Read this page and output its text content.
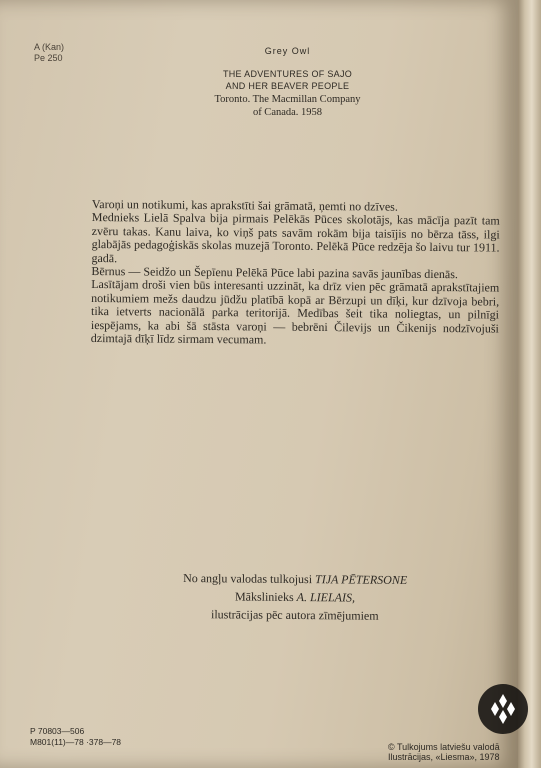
A (Kan)
Pe 250
Grey Owl
THE ADVENTURES OF SAJO
AND HER BEAVER PEOPLE
Toronto. The Macmillan Company
of Canada. 1958

Varoņi un notikumi, kas aprakstīti šai grāmatā, ņemti no dzīves.

Mednieks Lielā Spalva bija pirmais Pelēkās Pūces skolotājs, kas mācīja pazīt tam zvēru takas. Kanu laiva, ko viņš pats savām rokām bija taisījis no bērza tāss, ilgi glabājās pedagoģiskās skolas muzejā Toronto. Pelēkā Pūce redzēja šo laivu tur 1911. gadā.

Bērnus — Seidžo un Šepīenu Pelēkā Pūce labi pazina savās jaunības dienās.

Lasītājam droši vien būs interesanti uzzināt, ka drīz vien pēc grāmatā aprakstītajiem notikumiem mežs daudzu jūdžu platībā kopā ar Bērzupi un dīķi, kur dzīvoja bebri, tika ietverts nacionālā parka teritorijā. Medības šeit tika noliegtas, un pilnīgi iespējams, ka abi šā stāsta varoņi — bebrēni Čilevijs un Čikenijs nodzīvojuši dzimtajā dīķī līdz sirmam vecumam.

No angļu valodas tulkojusi TIJA PĒTERSONE
Mākslinieks A. LIELAIS,
ilustrācijas pēc autora zīmējumiem
P 70803—506
M801(11)—78 ·378—78	© Tulkojums latviešu valodā
Ilustrācijas, «Liesma», 1978
